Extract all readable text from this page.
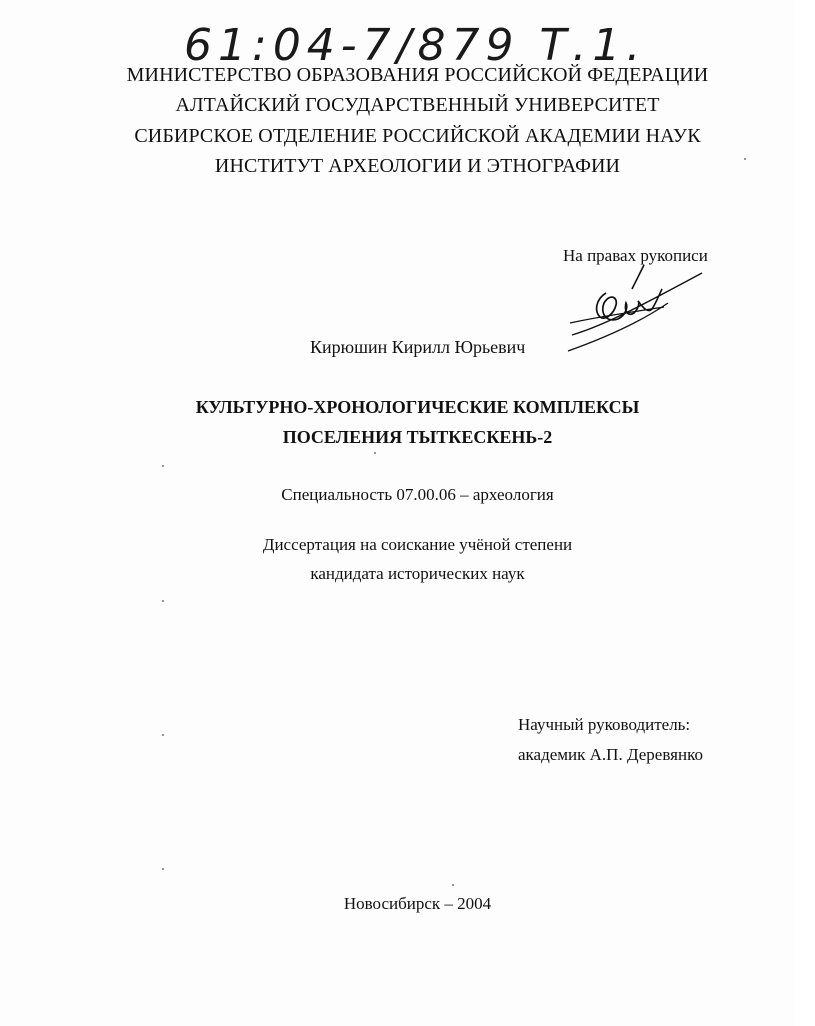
61:04-7/879 Т.1.
МИНИСТЕРСТВО ОБРАЗОВАНИЯ РОССИЙСКОЙ ФЕДЕРАЦИИ
АЛТАЙСКИЙ ГОСУДАРСТВЕННЫЙ УНИВЕРСИТЕТ
СИБИРСКОЕ ОТДЕЛЕНИЕ РОССИЙСКОЙ АКАДЕМИИ НАУК
ИНСТИТУТ АРХЕОЛОГИИ И ЭТНОГРАФИИ
На правах рукописи
Кирюшин Кирилл Юрьевич
КУЛЬТУРНО-ХРОНОЛОГИЧЕСКИЕ КОМПЛЕКСЫ
ПОСЕЛЕНИЯ ТЫТКЕСКЕНЬ-2
Специальность 07.00.06 – археология
Диссертация на соискание учёной степени
кандидата исторических наук
Научный руководитель:
академик А.П. Деревянко
Новосибирск – 2004
